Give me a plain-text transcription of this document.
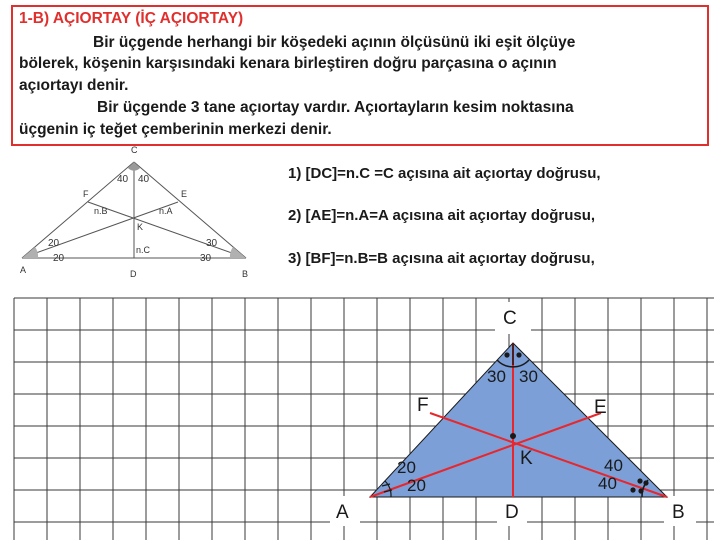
1-B) AÇIORTAY (İÇ AÇIORTAY)
Bir üçgende herhangi bir köşedeki açının ölçüsünü iki eşit ölçüye
bölerek, köşenin karşısındaki kenara birleştiren doğru parçasına o açının
açıortayı denir.
Bir üçgende 3 tane açıortay vardır. Açıortayların kesim noktasına
üçgenin iç teğet çemberinin merkezi denir.
C
40 40
F	E
n.B	n.A
K
20
20
n.C
30
30
A	D	B
1) [DC]=n.C =C açısına ait açıortay doğrusu,
2) [AE]=n.A=A açısına ait açıortay doğrusu,
3) [BF]=n.B=B açısına ait açıortay doğrusu,
C
30 30
F	E
K
20
20
40
40
A	D	B
